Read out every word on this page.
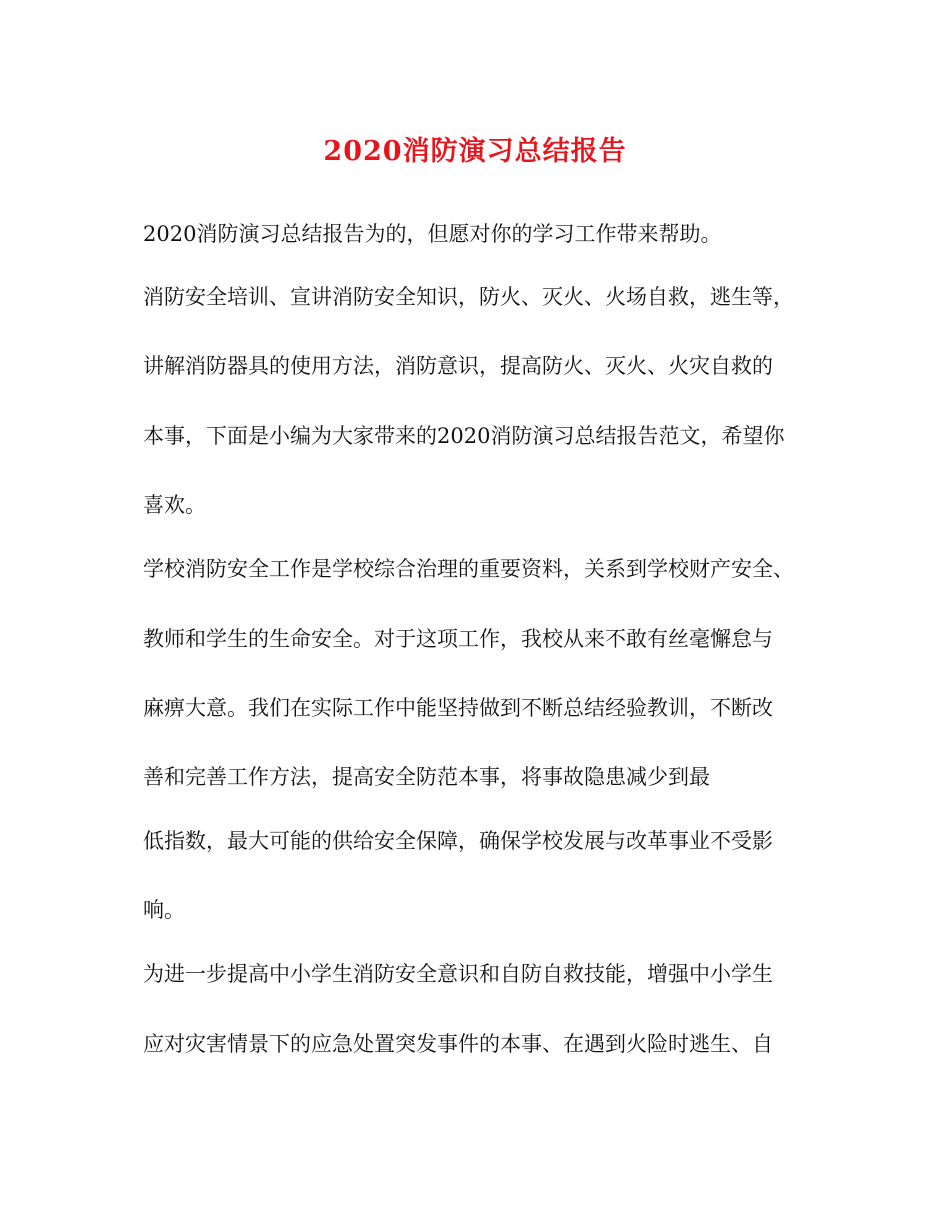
2020消防演习总结报告
2020消防演习总结报告为的，但愿对你的学习工作带来帮助。
消防安全培训、宣讲消防安全知识，防火、灭火、火场自救，逃生等，
讲解消防器具的使用方法，消防意识，提高防火、灭火、火灾自救的
本事，下面是小编为大家带来的2020消防演习总结报告范文，希望你
喜欢。
学校消防安全工作是学校综合治理的重要资料，关系到学校财产安全、
教师和学生的生命安全。对于这项工作，我校从来不敢有丝毫懈怠与
麻痹大意。我们在实际工作中能坚持做到不断总结经验教训，不断改
善和完善工作方法，提高安全防范本事，将事故隐患减少到最
低指数，最大可能的供给安全保障，确保学校发展与改革事业不受影
响。
为进一步提高中小学生消防安全意识和自防自救技能，增强中小学生
应对灾害情景下的应急处置突发事件的本事、在遇到火险时逃生、自
